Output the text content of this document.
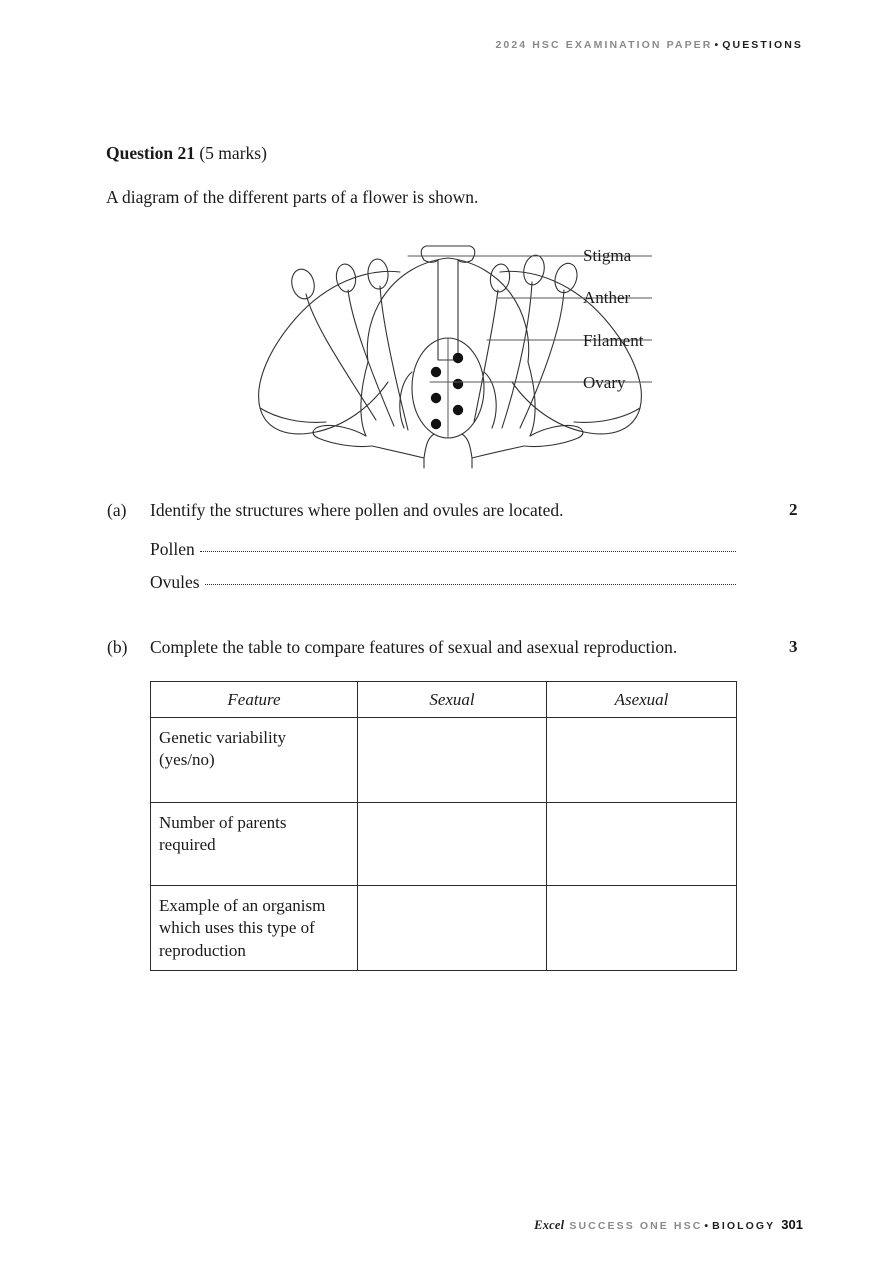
2024 HSC EXAMINATION PAPER • QUESTIONS
Question 21 (5 marks)
A diagram of the different parts of a flower is shown.
Stigma
Anther
Filament
Ovary
(a) Identify the structures where pollen and ovules are located.	2
Pollen
Ovules
(b) Complete the table to compare features of sexual and asexual reproduction.	3
Feature	Sexual	Asexual
Genetic variability
(yes/no)		
Number of parents
required		
Example of an organism
which uses this type of
reproduction		
Excel SUCCESS ONE HSC • BIOLOGY 301
